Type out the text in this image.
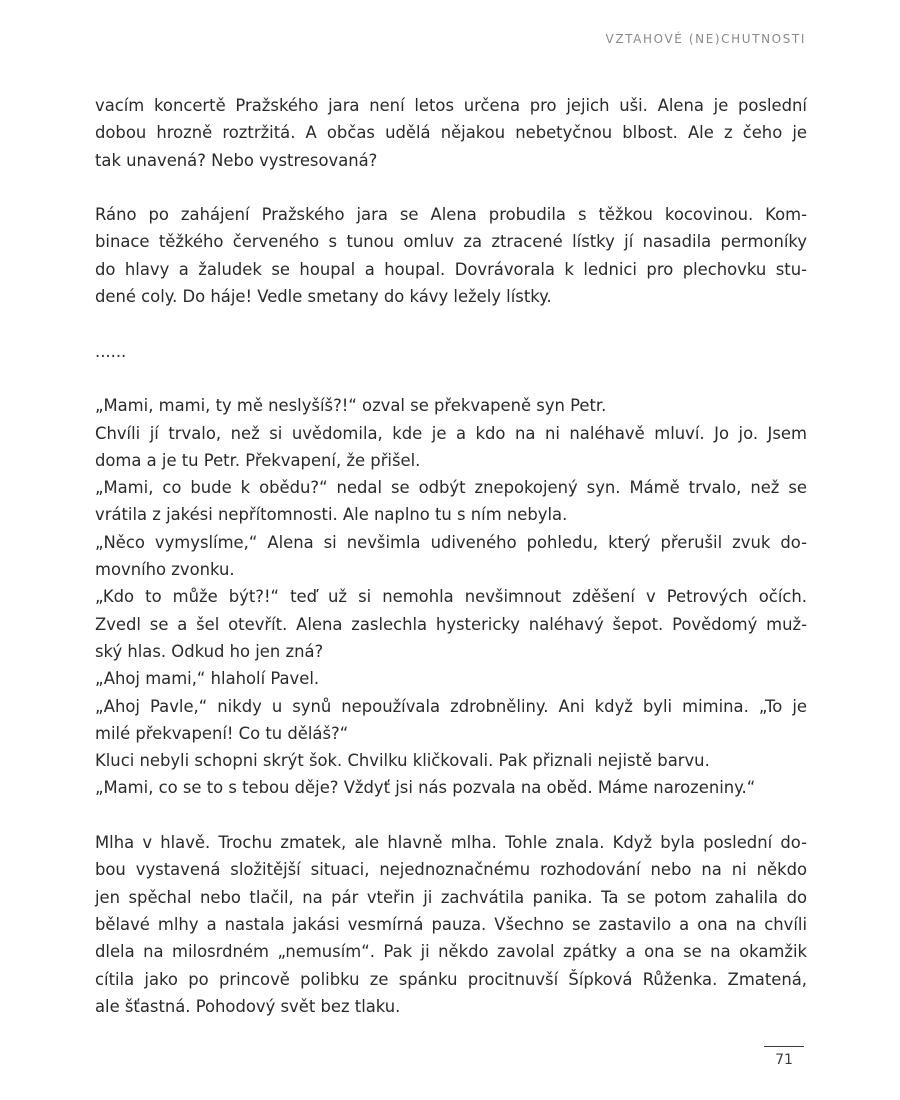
VZTAHOVÉ (NE)CHUTNOSTI
vacím koncertě Pražského jara není letos určena pro jejich uši. Alena je poslední
dobou hrozně roztržitá. A občas udělá nějakou nebetyčnou blbost. Ale z čeho je
tak unavená? Nebo vystresovaná?
Ráno po zahájení Pražského jara se Alena probudila s těžkou kocovinou. Kom-
binace těžkého červeného s tunou omluv za ztracené lístky jí nasadila permoníky
do hlavy a žaludek se houpal a houpal. Dovrávorala k lednici pro plechovku stu-
dené coly. Do háje! Vedle smetany do kávy ležely lístky.
......
„Mami, mami, ty mě neslyšíš?!“ ozval se překvapeně syn Petr.
Chvíli jí trvalo, než si uvědomila, kde je a kdo na ni naléhavě mluví. Jo jo. Jsem
doma a je tu Petr. Překvapení, že přišel.
„Mami, co bude k obědu?“ nedal se odbýt znepokojený syn. Mámě trvalo, než se
vrátila z jakési nepřítomnosti. Ale naplno tu s ním nebyla.
„Něco vymyslíme,“ Alena si nevšimla udiveného pohledu, který přerušil zvuk do-
movního zvonku.
„Kdo to může být?!“ teď už si nemohla nevšimnout zděšení v Petrových očích.
Zvedl se a šel otevřít. Alena zaslechla hystericky naléhavý šepot. Povědomý muž-
ský hlas. Odkud ho jen zná?
„Ahoj mami,“ hlaholí Pavel.
„Ahoj Pavle,“ nikdy u synů nepoužívala zdrobněliny. Ani když byli mimina. „To je
milé překvapení! Co tu děláš?“
Kluci nebyli schopni skrýt šok. Chvilku kličkovali. Pak přiznali nejistě barvu.
„Mami, co se to s tebou děje? Vždyť jsi nás pozvala na oběd. Máme narozeniny.“
Mlha v hlavě. Trochu zmatek, ale hlavně mlha. Tohle znala. Když byla poslední do-
bou vystavená složitější situaci, nejednoznačnému rozhodování nebo na ni někdo
jen spěchal nebo tlačil, na pár vteřin ji zachvátila panika. Ta se potom zahalila do
bělavé mlhy a nastala jakási vesmírná pauza. Všechno se zastavilo a ona na chvíli
dlela na milosrdném „nemusím“. Pak ji někdo zavolal zpátky a ona se na okamžik
cítila jako po princově polibku ze spánku procitnuvší Šípková Růženka. Zmatená,
ale šťastná. Pohodový svět bez tlaku.
71
